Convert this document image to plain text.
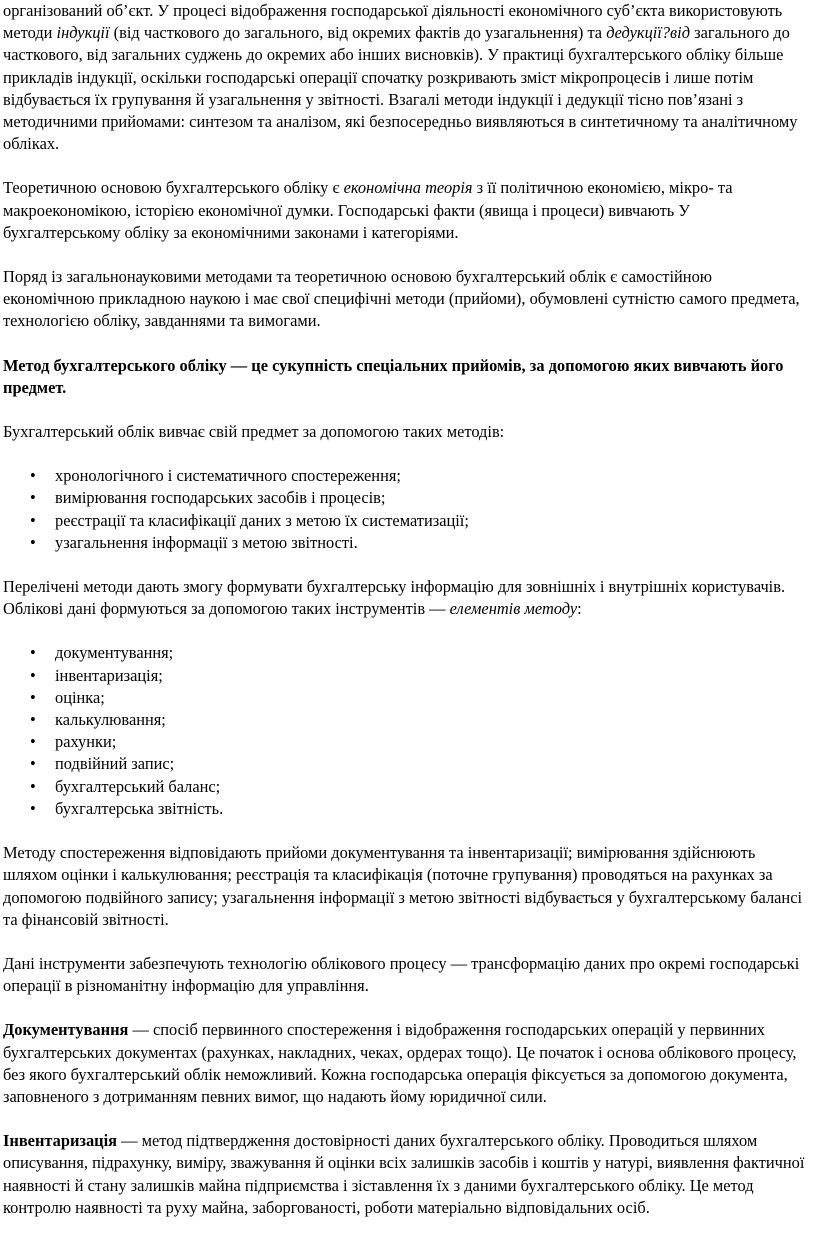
організований об’єкт. У процесі відображення господарської діяльності економічного суб’єкта використовують методи індукції (від часткового до загального, від окремих фактів до узагальнення) та дедукції?від загального до часткового, від загальних суджень до окремих або інших висновків). У практиці бухгалтерського обліку більше прикладів індукції, оскільки господарські операції спочатку розкривають зміст мікропроцесів і лише потім відбувається їх групування й узагальнення у звітності. Взагалі методи індукції і дедукції тісно пов’язані з методичними прийомами: синтезом та аналізом, які безпосередньо виявляються в синтетичному та аналітичному обліках.

Теоретичною основою бухгалтерського обліку є економічна теорія з її політичною економією, мікро- та макроекономікою, історією економічної думки. Господарські факти (явища і процеси) вивчають У бухгалтерському обліку за економічними законами і категоріями.

Поряд із загальнонауковими методами та теоретичною основою бухгалтерський облік є самостійною економічною прикладною наукою і має свої специфічні методи (прийоми), обумовлені сутністю самого предмета, технологією обліку, завданнями та вимогами.

Метод бухгалтерського обліку — це сукупність спеціальних прийомів, за допомогою яких вивчають його предмет.

Бухгалтерський облік вивчає свій предмет за допомогою таких методів:

• хронологічного і систематичного спостереження;
• вимірювання господарських засобів і процесів;
• реєстрації та класифікації даних з метою їх систематизації;
• узагальнення інформації з метою звітності.

Перелічені методи дають змогу формувати бухгалтерську інформацію для зовнішніх і внутрішніх користувачів. Облікові дані формуються за допомогою таких інструментів — елементів методу:

• документування;
• інвентаризація;
• оцінка;
• калькулювання;
• рахунки;
• подвійний запис;
• бухгалтерський баланс;
• бухгалтерська звітність.

Методу спостереження відповідають прийоми документування та інвентаризації; вимірювання здійснюють шляхом оцінки і калькулювання; реєстрація та класифікація (поточне групування) проводяться на рахунках за допомогою подвійного запису; узагальнення інформації з метою звітності відбувається у бухгалтерському балансі та фінансовій звітності.

Дані інструменти забезпечують технологію облікового процесу — трансформацію даних про окремі господарські операції в різноманітну інформацію для управління.

Документування — спосіб первинного спостереження і відображення господарських операцій у первинних бухгалтерських документах (рахунках, накладних, чеках, ордерах тощо). Це початок і основа облікового процесу, без якого бухгалтерський облік неможливий. Кожна господарська операція фіксується за допомогою документа, заповненого з дотриманням певних вимог, що надають йому юридичної сили.

Інвентаризація — метод підтвердження достовірності даних бухгалтерського обліку. Проводиться шляхом описування, підрахунку, виміру, зважування й оцінки всіх залишків засобів і коштів у натурі, виявлення фактичної наявності й стану залишків майна підприємства і зіставлення їх з даними бухгалтерського обліку. Це метод контролю наявності та руху майна, заборгованості, роботи матеріально відповідальних осіб.
